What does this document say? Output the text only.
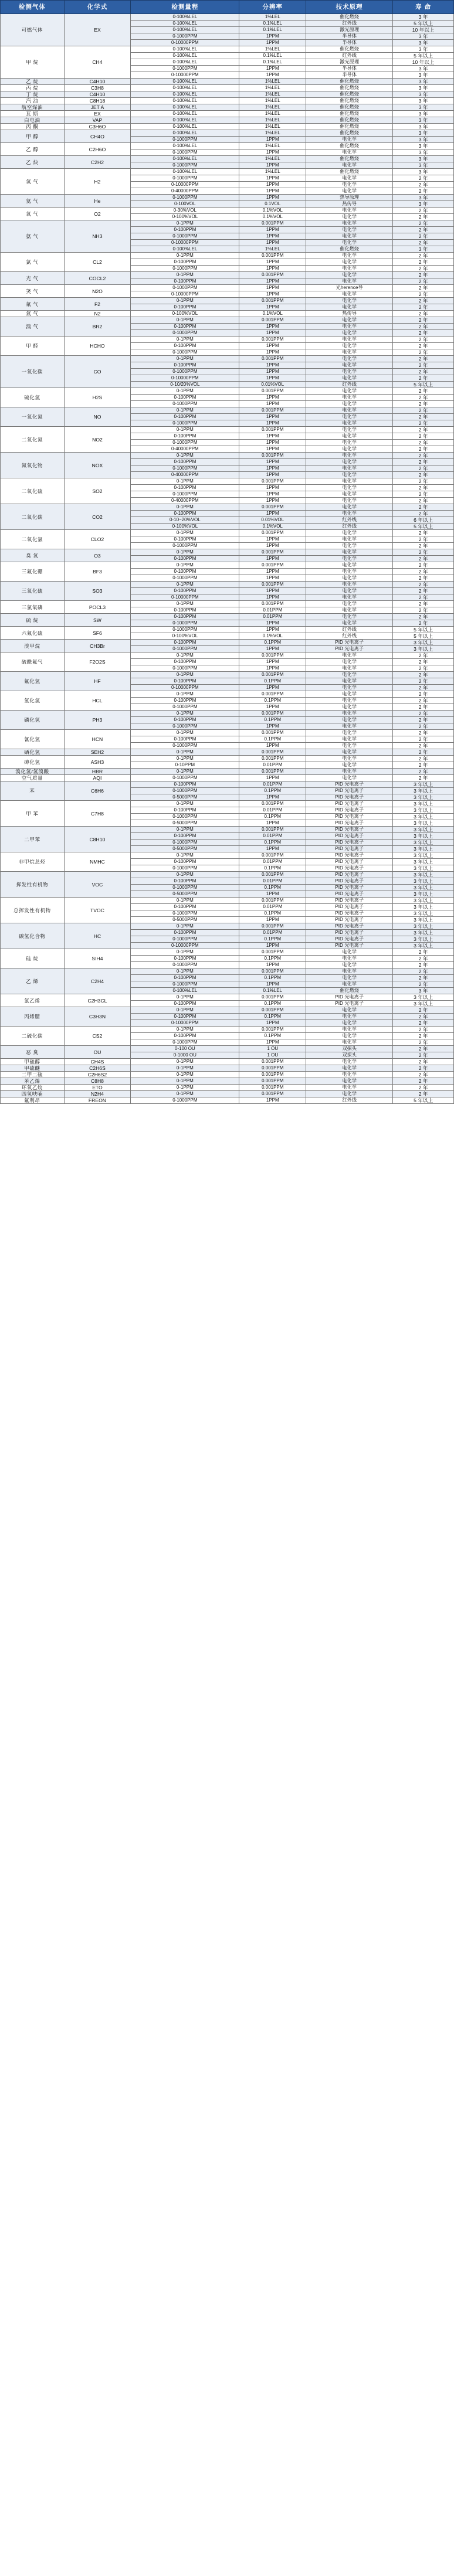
检测气体	化学式	检测量程	分辨率	技术原理	寿 命
可燃气体	EX	0-100%LEL	1%LEL	催化燃烧	3 年
		0-100%LEL	0.1%LEL	红外线	5 年以上
		0-100%LEL	0.1%LEL	激光原理	10 年以上
		0-1000PPM	1PPM	半导体	3 年
		0-10000PPM	1PPM	半导体	3 年
甲 烷	CH4	0-100%LEL	1%LEL	催化燃烧	3 年
		0-100%LEL	0.1%LEL	红外线	5 年以上
		0-100%LEL	0.1%LEL	激光原理	10 年以上
		0-1000PPM	1PPM	半导体	3 年
		0-10000PPM	1PPM	半导体	3 年
乙 烷	C4H10	0-100%LEL	1%LEL	催化燃烧	3 年
丙 烷	C3H8	0-100%LEL	1%LEL	催化燃烧	3 年
丁 烷	C4H10	0-100%LEL	1%LEL	催化燃烧	3 年
汽 油	C8H18	0-100%LEL	1%LEL	催化燃烧	3 年
航空煤油	JET A	0-100%LEL	1%LEL	催化燃烧	3 年
瓦 斯	EX	0-100%LEL	1%LEL	催化燃烧	3 年
白电油	VAP	0-100%LEL	1%LEL	催化燃烧	3 年
丙 酮	C3H6O	0-100%LEL	1%LEL	催化燃烧	3 年
甲 醇	CH4O	0-100%LEL	1%LEL	催化燃烧	3 年
		0-1000PPM	1PPM	电化学	3 年
乙 醇	C2H6O	0-100%LEL	1%LEL	催化燃烧	3 年
		0-1000PPM	1PPM	电化学	3 年
乙 炔	C2H2	0-100%LEL	1%LEL	催化燃烧	3 年
		0-1000PPM	1PPM	电化学	3 年
氢 气	H2	0-100%LEL	1%LEL	催化燃烧	3 年
		0-1000PPM	1PPM	电化学	2 年
		0-10000PPM	1PPM	电化学	2 年
		0-40000PPM	1PPM	电化学	2 年
氦 气	He	0-1000PPM	1PPM	热导原理	3 年
		0-100VOL	0.1VOL	热传导	3 年
氧 气	O2	0-30%VOL	0.1%VOL	电化学	2 年
		0-100%VOL	0.1%VOL	电化学	2 年
氨 气	NH3	0-1PPM	0.001PPM	电化学	2 年
		0-100PPM	1PPM	电化学	2 年
		0-1000PPM	1PPM	电化学	2 年
		0-10000PPM	1PPM	电化学	2 年
		0-100%LEL	1%LEL	催化燃烧	3 年
氯 气	CL2	0-1PPM	0.001PPM	电化学	2 年
		0-100PPM	1PPM	电化学	2 年
		0-1000PPM	1PPM	电化学	2 年
光 气	COCL2	0-1PPM	0.001PPM	电化学	2 年
		0-100PPM	1PPM	电化学	2 年
笑 气	N2O	0-1000PPM	1PPM	光herence导	2 年
		0-10000PPM	1PPM	电化学	2 年
氟 气	F2	0-1PPM	0.001PPM	电化学	2 年
		0-100PPM	1PPM	电化学	2 年
氮 气	N2	0-100%VOL	0.1%VOL	热传导	2 年
溴 气	BR2	0-1PPM	0.001PPM	电化学	2 年
		0-100PPM	1PPM	电化学	2 年
		0-1000PPM	1PPM	电化学	2 年
甲 醛	HCHO	0-1PPM	0.001PPM	电化学	2 年
		0-100PPM	1PPM	电化学	2 年
		0-1000PPM	1PPM	电化学	2 年
一氧化碳	CO	0-1PPM	0.001PPM	电化学	2 年
		0-100PPM	1PPM	电化学	2 年
		0-1000PPM	1PPM	电化学	2 年
		0-10000PPM	1PPM	电化学	2 年
		0-10/20%VOL	0.01%VOL	红外线	5 年以上
硫化氢	H2S	0-1PPM	0.001PPM	电化学	2 年
		0-100PPM	1PPM	电化学	2 年
		0-1000PPM	1PPM	电化学	2 年
一氧化氮	NO	0-1PPM	0.001PPM	电化学	2 年
		0-100PPM	1PPM	电化学	2 年
		0-1000PPM	1PPM	电化学	2 年
二氧化氮	NO2	0-1PPM	0.001PPM	电化学	2 年
		0-100PPM	1PPM	电化学	2 年
		0-1000PPM	1PPM	电化学	2 年
		0-40000PPM	1PPM	电化学	2 年
氮氧化物	NOX	0-1PPM	0.001PPM	电化学	2 年
		0-100PPM	1PPM	电化学	2 年
		0-1000PPM	1PPM	电化学	2 年
		0-40000PPM	1PPM	电化学	2 年
二氧化硫	SO2	0-1PPM	0.001PPM	电化学	2 年
		0-100PPM	1PPM	电化学	2 年
		0-1000PPM	1PPM	电化学	2 年
		0-40000PPM	1PPM	电化学	2 年
二氧化碳	CO2	0-1PPM	0.001PPM	电化学	2 年
		0-100PPM	1PPM	电化学	2 年
		0-10~20%VOL	0.01%VOL	红外线	6 年以上
		0-100%VOL	0.1%VOL	红外线	5 年以上
二氧化氯	CLO2	0-1PPM	0.001PPM	电化学	2 年
		0-100PPM	1PPM	电化学	2 年
		0-1000PPM	1PPM	电化学	2 年
臭 氧	O3	0-1PPM	0.001PPM	电化学	2 年
		0-100PPM	1PPM	电化学	2 年
三氟化硼	BF3	0-1PPM	0.001PPM	电化学	2 年
		0-100PPM	1PPM	电化学	2 年
		0-1000PPM	1PPM	电化学	2 年
三氧化硫	SO3	0-1PPM	0.001PPM	电化学	2 年
		0-100PPM	1PPM	电化学	2 年
		0-10000PPM	1PPM	电化学	2 年
三氯氧磷	POCL3	0-1PPM	0.001PPM	电化学	2 年
		0-100PPM	0.01PPM	电化学	2 年
硫 烷	SW	0-100PPM	0.01PPM	电化学	2 年
		0-1000PPM	1PPM	电化学	2 年
六氟化硫	SF6	0-1000PPM	1PPM	红外线	5 年以上
		0-100%VOL	0.1%VOL	红外线	5 年以上
溴甲烷	CH3Br	0-100PPM	0.1PPM	PID 光电离子	3 年以上
		0-1000PPM	1PPM	PID 光电离子	3 年以上
硫酰氟气	F2O2S	0-1PPM	0.001PPM	电化学	2 年
		0-100PPM	1PPM	电化学	2 年
		0-1000PPM	1PPM	电化学	2 年
氟化氢	HF	0-1PPM	0.001PPM	电化学	2 年
		0-100PPM	0.1PPM	电化学	2 年
		0-10000PPM	1PPM	电化学	2 年
氯化氢	HCL	0-1PPM	0.001PPM	电化学	2 年
		0-100PPM	0.1PPM	电化学	2 年
		0-1000PPM	1PPM	电化学	2 年
磷化氢	PH3	0-1PPM	0.001PPM	电化学	2 年
		0-100PPM	0.1PPM	电化学	2 年
		0-1000PPM	1PPM	电化学	2 年
氰化氢	HCN	0-1PPM	0.001PPM	电化学	2 年
		0-100PPM	0.1PPM	电化学	2 年
		0-1000PPM	1PPM	电化学	2 年
硒化氢	SEH2	0-1PPM	0.001PPM	电化学	2 年
砷化氢	ASH3	0-1PPM	0.001PPM	电化学	2 年
		0-10PPM	0.01PPM	电化学	2 年
溴化氢/氢溴酸	HBR	0-1PPM	0.001PPM	电化学	2 年
空气质量	AQI	0-1000PPM	1PPM	电化学	2 年
苯	C6H6	0-100PPM	0.01PPM	PID 光电离子	3 年以上
		0-1000PPM	0.1PPM	PID 光电离子	3 年以上
		0-5000PPM	1PPM	PID 光电离子	3 年以上
甲 苯	C7H8	0-1PPM	0.001PPM	PID 光电离子	3 年以上
		0-100PPM	0.01PPM	PID 光电离子	3 年以上
		0-1000PPM	0.1PPM	PID 光电离子	3 年以上
		0-5000PPM	1PPM	PID 光电离子	3 年以上
二甲苯	C8H10	0-1PPM	0.001PPM	PID 光电离子	3 年以上
		0-100PPM	0.01PPM	PID 光电离子	3 年以上
		0-1000PPM	0.1PPM	PID 光电离子	3 年以上
		0-5000PPM	1PPM	PID 光电离子	3 年以上
非甲烷总烃	NMHC	0-1PPM	0.001PPM	PID 光电离子	3 年以上
		0-100PPM	0.01PPM	PID 光电离子	3 年以上
		0-1000PPM	0.1PPM	PID 光电离子	3 年以上
挥发性有机物	VOC	0-1PPM	0.001PPM	PID 光电离子	3 年以上
		0-100PPM	0.01PPM	PID 光电离子	3 年以上
		0-1000PPM	0.1PPM	PID 光电离子	3 年以上
		0-5000PPM	1PPM	PID 光电离子	3 年以上
总挥发性有机物	TVOC	0-1PPM	0.001PPM	PID 光电离子	3 年以上
		0-100PPM	0.01PPM	PID 光电离子	3 年以上
		0-1000PPM	0.1PPM	PID 光电离子	3 年以上
		0-5000PPM	1PPM	PID 光电离子	3 年以上
碳氢化合物	HC	0-1PPM	0.001PPM	PID 光电离子	3 年以上
		0-100PPM	0.01PPM	PID 光电离子	3 年以上
		0-1000PPM	0.1PPM	PID 光电离子	3 年以上
		0-10000PPM	1PPM	PID 光电离子	3 年以上
硅 烷	SIH4	0-1PPM	0.001PPM	电化学	2 年
		0-100PPM	0.1PPM	电化学	2 年
		0-1000PPM	1PPM	电化学	2 年
乙 烯	C2H4	0-1PPM	0.001PPM	电化学	2 年
		0-100PPM	0.1PPM	电化学	2 年
		0-1000PPM	1PPM	电化学	2 年
		0-100%LEL	0.1%LEL	催化燃烧	3 年
氯乙烯	C2H3CL	0-1PPM	0.001PPM	PID 光电离子	3 年以上
		0-100PPM	0.1PPM	PID 光电离子	3 年以上
丙烯腈	C3H3N	0-1PPM	0.001PPM	电化学	2 年
		0-100PPM	0.1PPM	电化学	2 年
		0-10000PPM	1PPM	电化学	2 年
二硫化碳	CS2	0-1PPM	0.001PPM	电化学	2 年
		0-100PPM	0.1PPM	电化学	2 年
		0-1000PPM	1PPM	电化学	2 年
恶 臭	OU	0-100 OU	1 OU	双探头	2 年
		0-1000 OU	1 OU	双探头	2 年
甲硫醇	CH4S	0-1PPM	0.001PPM	电化学	2 年
甲硫醚	C2H6S	0-1PPM	0.001PPM	电化学	2 年
二甲二硫	C2H6S2	0-1PPM	0.001PPM	电化学	2 年
苯乙烯	C8H8	0-1PPM	0.001PPM	电化学	2 年
环氧乙烷	ETO	0-1PPM	0.001PPM	电化学	2 年
四氢呋喃	N2H4	0-1PPM	0.001PPM	电化学	2 年
氟利昂	FREON	0-1000PPM	1PPM	红外线	5 年以上
